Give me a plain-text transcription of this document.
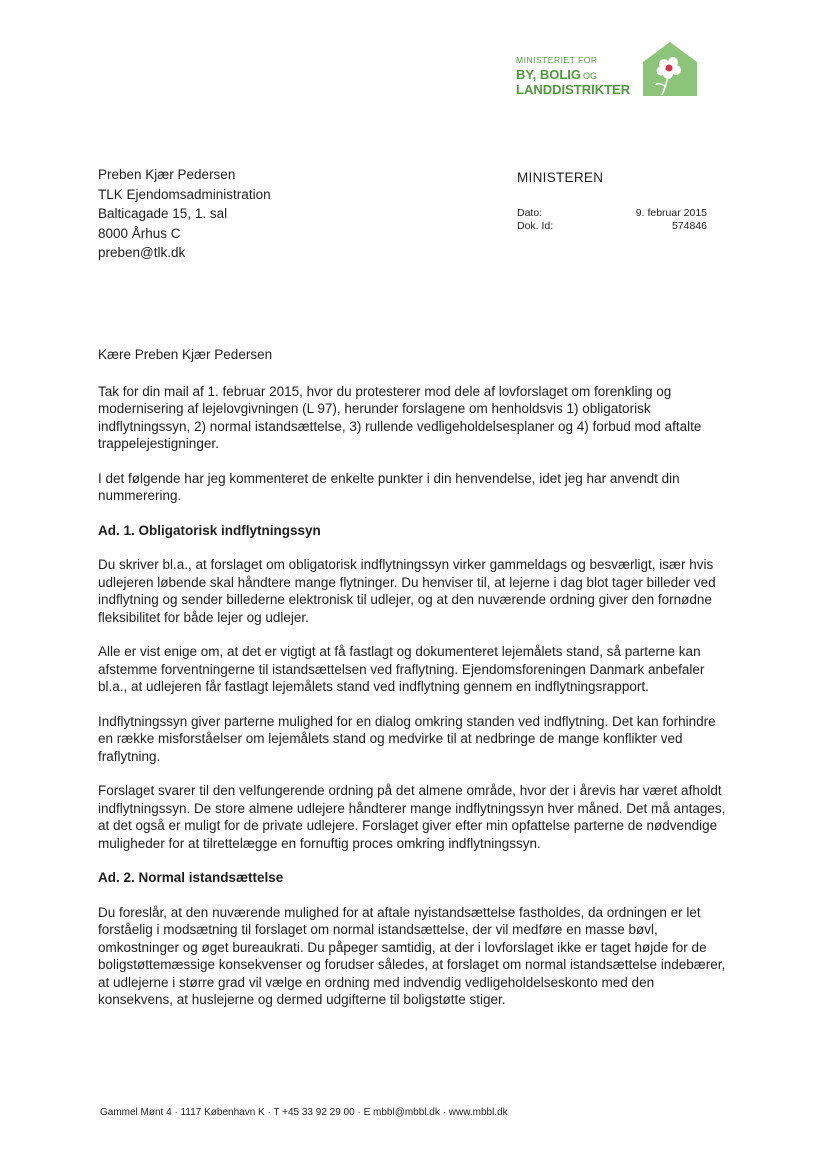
MINISTERIET FOR
BY, BOLIG OG
LANDDISTRIKTER
Preben Kjær Pedersen
TLK Ejendomsadministration
Balticagade 15, 1. sal
8000 Århus C
preben@tlk.dk
MINISTEREN
Dato:	9. februar 2015
Dok. Id:	574846

Kære Preben Kjær Pedersen

Tak for din mail af 1. februar 2015, hvor du protesterer mod dele af lovforslaget om forenkling og modernisering af lejelovgivningen (L 97), herunder forslagene om henholdsvis 1) obligatorisk indflytningssyn, 2) normal istandsættelse, 3) rullende vedligeholdelsesplaner og 4) forbud mod aftalte trappelejestigninger.

I det følgende har jeg kommenteret de enkelte punkter i din henvendelse, idet jeg har anvendt din nummerering.

Ad. 1. Obligatorisk indflytningssyn

Du skriver bl.a., at forslaget om obligatorisk indflytningssyn virker gammeldags og besværligt, især hvis udlejeren løbende skal håndtere mange flytninger. Du henviser til, at lejerne i dag blot tager billeder ved indflytning og sender billederne elektronisk til udlejer, og at den nuværende ordning giver den fornødne fleksibilitet for både lejer og udlejer.

Alle er vist enige om, at det er vigtigt at få fastlagt og dokumenteret lejemålets stand, så parterne kan afstemme forventningerne til istandsættelsen ved fraflytning. Ejendomsforeningen Danmark anbefaler bl.a., at udlejeren får fastlagt lejemålets stand ved indflytning gennem en indflytningsrapport.

Indflytningssyn giver parterne mulighed for en dialog omkring standen ved indflytning. Det kan forhindre en række misforståelser om lejemålets stand og medvirke til at nedbringe de mange konflikter ved fraflytning.

Forslaget svarer til den velfungerende ordning på det almene område, hvor der i årevis har været afholdt indflytningssyn. De store almene udlejere håndterer mange indflytningssyn hver måned. Det må antages, at det også er muligt for de private udlejere. Forslaget giver efter min opfattelse parterne de nødvendige muligheder for at tilrettelægge en fornuftig proces omkring indflytningssyn.

Ad. 2. Normal istandsættelse

Du foreslår, at den nuværende mulighed for at aftale nyistandsættelse fastholdes, da ordningen er let forståelig i modsætning til forslaget om normal istandsættelse, der vil medføre en masse bøvl, omkostninger og øget bureaukrati. Du påpeger samtidig, at der i lovforslaget ikke er taget højde for de boligstøttemæssige konsekvenser og forudser således, at forslaget om normal istandsættelse indebærer, at udlejerne i større grad vil vælge en ordning med indvendig vedligeholdelseskonto med den konsekvens, at huslejerne og dermed udgifterne til boligstøtte stiger.

Gammel Mønt 4 · 1117 København K · T +45 33 92 29 00 · E mbbl@mbbl.dk · www.mbbl.dk
